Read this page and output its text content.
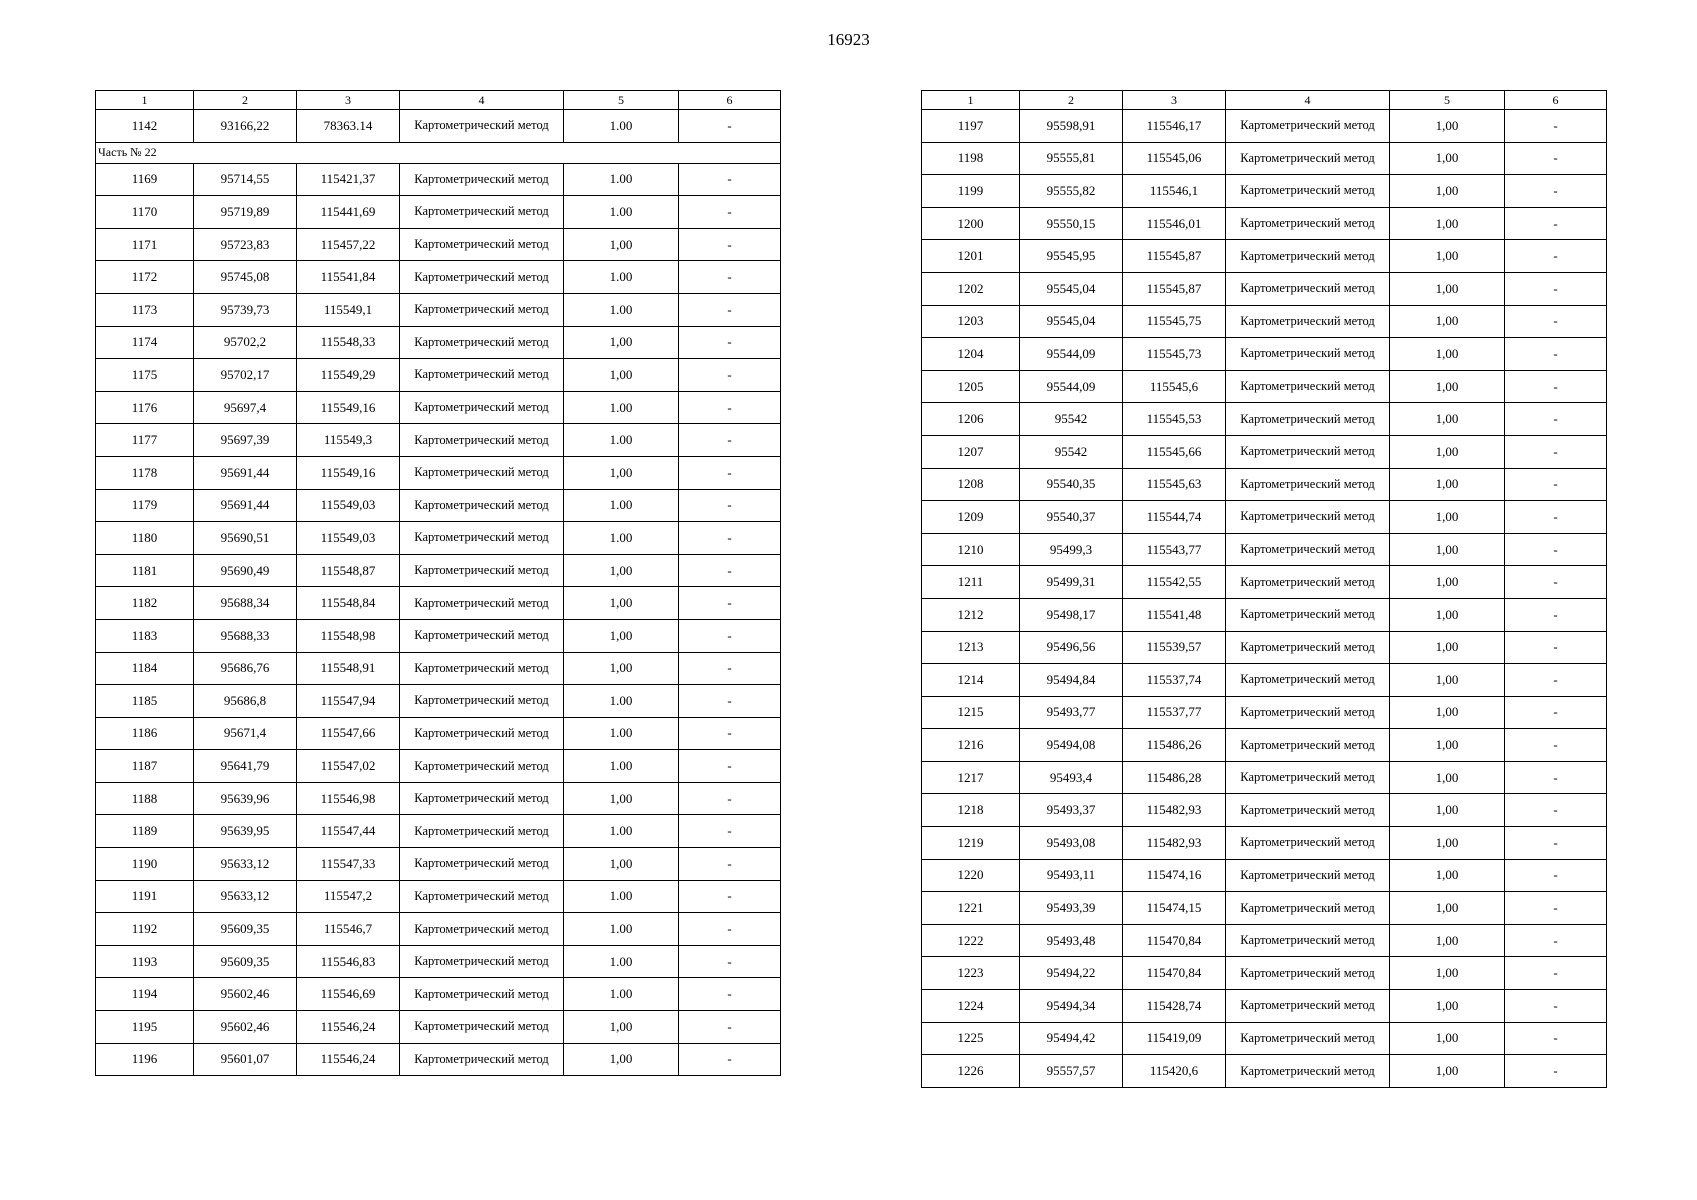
16923
1	2	3	4	5	6
1142	93166,22	78363.14	Картометрический метод	1.00	-
Часть № 22					
1169	95714,55	115421,37	Картометрический метод	1.00	-
1170	95719,89	115441,69	Картометрический метод	1.00	-
1171	95723,83	115457,22	Картометрический метод	1,00	-
1172	95745,08	115541,84	Картометрический метод	1.00	-
1173	95739,73	115549,1	Картометрический метод	1.00	-
1174	95702,2	115548,33	Картометрический метод	1,00	-
1175	95702,17	115549,29	Картометрический метод	1,00	-
1176	95697,4	115549,16	Картометрический метод	1.00	-
1177	95697,39	115549,3	Картометрический метод	1.00	-
1178	95691,44	115549,16	Картометрический метод	1,00	-
1179	95691,44	115549,03	Картометрический метод	1.00	-
1180	95690,51	115549,03	Картометрический метод	1.00	-
1181	95690,49	115548,87	Картометрический метод	1,00	-
1182	95688,34	115548,84	Картометрический метод	1,00	-
1183	95688,33	115548,98	Картометрический метод	1,00	-
1184	95686,76	115548,91	Картометрический метод	1,00	-
1185	95686,8	115547,94	Картометрический метод	1.00	-
1186	95671,4	115547,66	Картометрический метод	1.00	-
1187	95641,79	115547,02	Картометрический метод	1.00	-
1188	95639,96	115546,98	Картометрический метод	1,00	-
1189	95639,95	115547,44	Картометрический метод	1.00	-
1190	95633,12	115547,33	Картометрический метод	1,00	-
1191	95633,12	115547,2	Картометрический метод	1.00	-
1192	95609,35	115546,7	Картометрический метод	1.00	-
1193	95609,35	115546,83	Картометрический метод	1.00	-
1194	95602,46	115546,69	Картометрический метод	1.00	-
1195	95602,46	115546,24	Картометрический метод	1,00	-
1196	95601,07	115546,24	Картометрический метод	1,00	-
1	2	3	4	5	6
1197	95598,91	115546,17	Картометрический метод	1,00	-
1198	95555,81	115545,06	Картометрический метод	1,00	-
1199	95555,82	115546,1	Картометрический метод	1,00	-
1200	95550,15	115546,01	Картометрический метод	1,00	-
1201	95545,95	115545,87	Картометрический метод	1,00	-
1202	95545,04	115545,87	Картометрический метод	1,00	-
1203	95545,04	115545,75	Картометрический метод	1,00	-
1204	95544,09	115545,73	Картометрический метод	1,00	-
1205	95544,09	115545,6	Картометрический метод	1,00	-
1206	95542	115545,53	Картометрический метод	1,00	-
1207	95542	115545,66	Картометрический метод	1,00	-
1208	95540,35	115545,63	Картометрический метод	1,00	-
1209	95540,37	115544,74	Картометрический метод	1,00	-
1210	95499,3	115543,77	Картометрический метод	1,00	-
1211	95499,31	115542,55	Картометрический метод	1,00	-
1212	95498,17	115541,48	Картометрический метод	1,00	-
1213	95496,56	115539,57	Картометрический метод	1,00	-
1214	95494,84	115537,74	Картометрический метод	1,00	-
1215	95493,77	115537,77	Картометрический метод	1,00	-
1216	95494,08	115486,26	Картометрический метод	1,00	-
1217	95493,4	115486,28	Картометрический метод	1,00	-
1218	95493,37	115482,93	Картометрический метод	1,00	-
1219	95493,08	115482,93	Картометрический метод	1,00	-
1220	95493,11	115474,16	Картометрический метод	1,00	-
1221	95493,39	115474,15	Картометрический метод	1,00	-
1222	95493,48	115470,84	Картометрический метод	1,00	-
1223	95494,22	115470,84	Картометрический метод	1,00	-
1224	95494,34	115428,74	Картометрический метод	1,00	-
1225	95494,42	115419,09	Картометрический метод	1,00	-
1226	95557,57	115420,6	Картометрический метод	1,00	-
